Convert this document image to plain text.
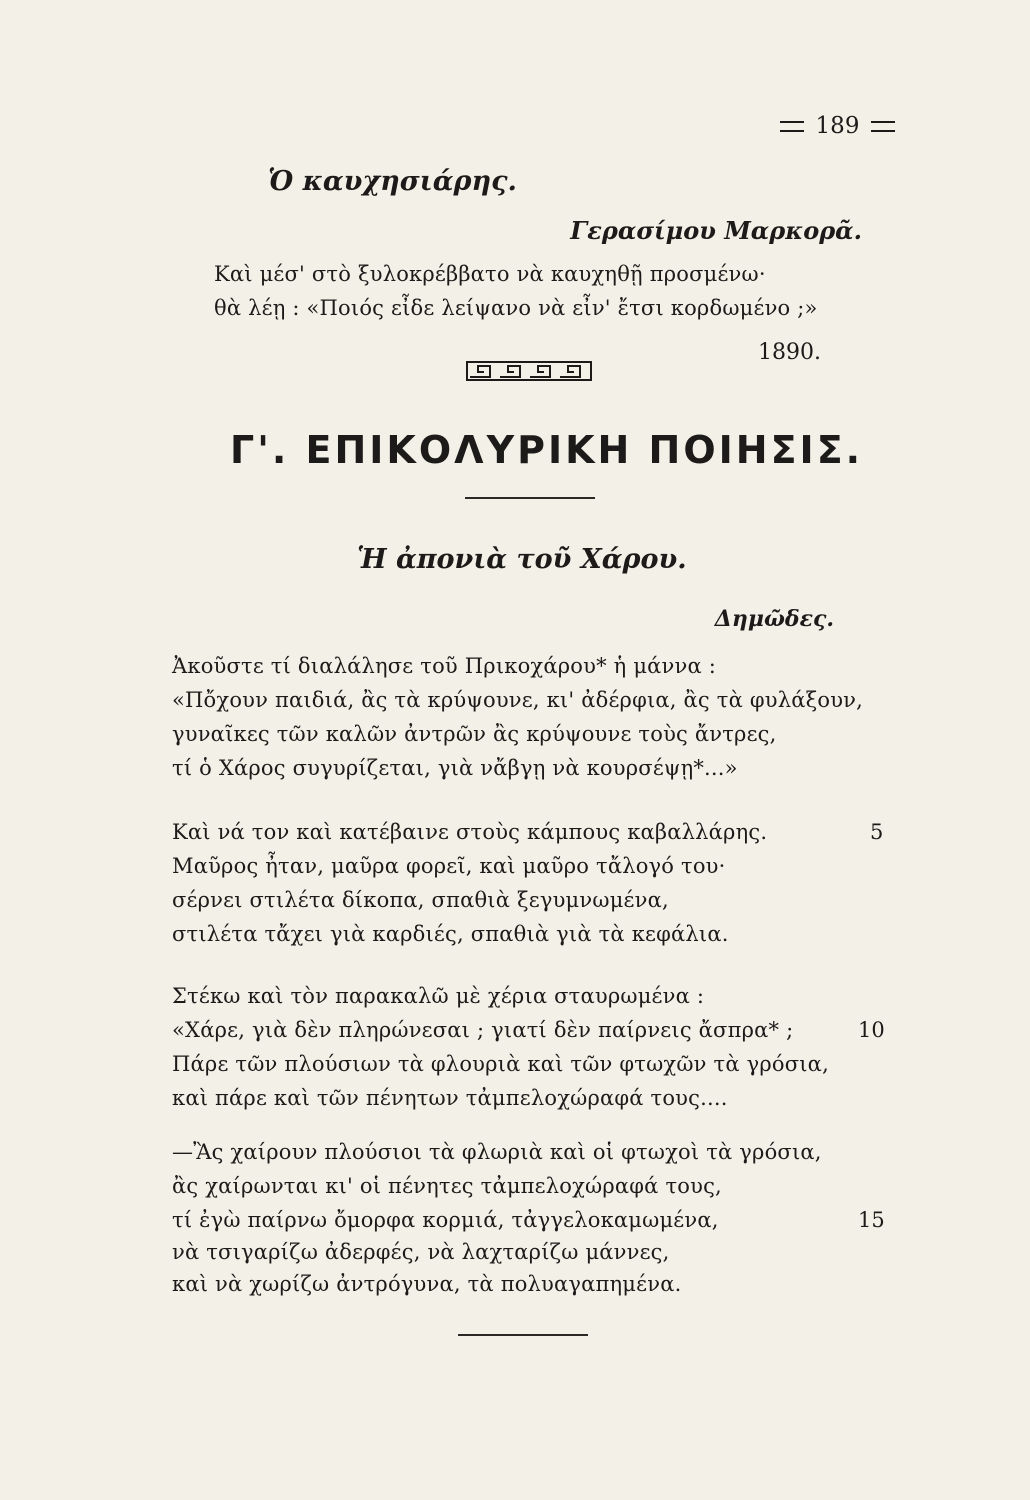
189
Ὁ καυχησιάρης.
Γερασίμου Μαρκορᾶ.
Καὶ μέσ' στὸ ξυλοκρέββατο νὰ καυχηθῇ προσμένω·
θὰ λέῃ : «Ποιός εἶδε λείψανο νὰ εἶν' ἔτσι κορδωμένο ;»
1890.
Γ'. ΕΠΙΚΟΛΥΡΙΚΗ ΠΟΙΗΣΙΣ.
Ἡ ἀπονιὰ τοῦ Χάρου.
Δημῶδες.
Ἀκοῦστε τί διαλάλησε τοῦ Πρικοχάρου* ἡ μάννα :
«Πὄχουν παιδιά, ἂς τὰ κρύψουνε, κι' ἀδέρφια, ἂς τὰ φυλάξουν,
γυναῖκες τῶν καλῶν ἀντρῶν ἂς κρύψουνε τοὺς ἄντρες,
τί ὁ Χάρος συγυρίζεται, γιὰ νἄβγῃ νὰ κουρσέψῃ*...»
Καὶ νά τον καὶ κατέβαινε στοὺς κάμπους καβαλλάρης.	5
Μαῦρος ἦταν, μαῦρα φορεῖ, καὶ μαῦρο τἄλογό του·
σέρνει στιλέτα δίκοπα, σπαθιὰ ξεγυμνωμένα,
στιλέτα τἄχει γιὰ καρδιές, σπαθιὰ γιὰ τὰ κεφάλια.
Στέκω καὶ τὸν παρακαλῶ μὲ χέρια σταυρωμένα :
«Χάρε, γιὰ δὲν πληρώνεσαι ; γιατί δὲν παίρνεις ἄσπρα* ;	10
Πάρε τῶν πλούσιων τὰ φλουριὰ καὶ τῶν φτωχῶν τὰ γρόσια,
καὶ πάρε καὶ τῶν πένητων τἀμπελοχώραφά τους....
—Ἂς χαίρουν πλούσιοι τὰ φλωριὰ καὶ οἱ φτωχοὶ τὰ γρόσια,
ἂς χαίρωνται κι' οἱ πένητες τἀμπελοχώραφά τους,
τί ἐγὼ παίρνω ὄμορφα κορμιά, τἀγγελοκαμωμένα,	15
νὰ τσιγαρίζω ἀδερφές, νὰ λαχταρίζω μάννες,
καὶ νὰ χωρίζω ἀντρόγυνα, τὰ πολυαγαπημένα.
